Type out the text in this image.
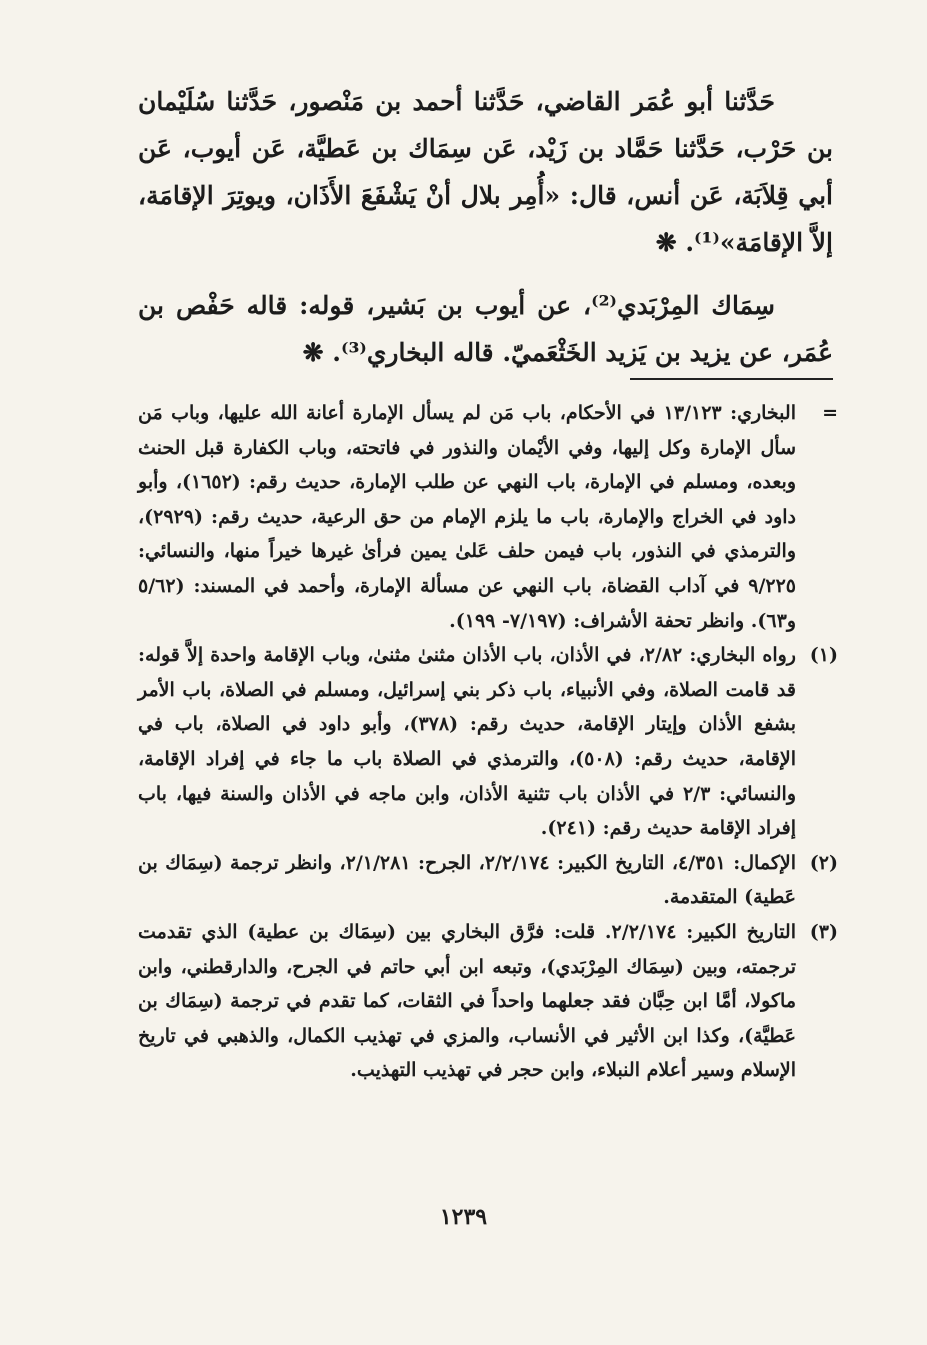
حَدَّثنا أبو عُمَر القاضي، حَدَّثنا أحمد بن مَنْصور، حَدَّثنا سُلَيْمان بن حَرْب، حَدَّثنا حَمَّاد بن زَيْد، عَن سِمَاك بن عَطيَّة، عَن أيوب، عَن أبي قِلاَبَة، عَن أنس، قال: «أُمِر بلال أنْ يَشْفَعَ الأَذَان، ويوتِرَ الإقامَة، إلاَّ الإقامَة»⁽¹⁾. ❋

سِمَاك المِرْبَدي⁽²⁾، عن أيوب بن بَشير، قوله: قاله حَفْص بن عُمَر، عن يزيد بن يَزيد الخَثْعَميّ. قاله البخاري⁽³⁾. ❋

=
البخاري: ١٣/١٢٣ في الأحكام، باب مَن لم يسأل الإمارة أعانة الله عليها، وباب مَن سأل الإمارة وكل إليها، وفي الأيْمان والنذور في فاتحته، وباب الكفارة قبل الحنث وبعده، ومسلم في الإمارة، باب النهي عن طلب الإمارة، حديث رقم: (١٦٥٢)، وأبو داود في الخراج والإمارة، باب ما يلزم الإمام من حق الرعية، حديث رقم: (٢٩٢٩)، والترمذي في النذور، باب فيمن حلف عَلىٰ يمين فرأىٰ غيرها خيراً منها، والنسائي: ٩/٢٢٥ في آداب القضاة، باب النهي عن مسألة الإمارة، وأحمد في المسند: (٥/٦٢ و٦٣). وانظر تحفة الأشراف: (٧/١٩٧- ١٩٩).
(١)
رواه البخاري: ٢/٨٢، في الأذان، باب الأذان مثنىٰ مثنىٰ، وباب الإقامة واحدة إلاَّ قوله: قد قامت الصلاة، وفي الأنبياء، باب ذكر بني إسرائيل، ومسلم في الصلاة، باب الأمر بشفع الأذان وإيتار الإقامة، حديث رقم: (٣٧٨)، وأبو داود في الصلاة، باب في الإقامة، حديث رقم: (٥٠٨)، والترمذي في الصلاة باب ما جاء في إفراد الإقامة، والنسائي: ٢/٣ في الأذان باب تثنية الأذان، وابن ماجه في الأذان والسنة فيها، باب إفراد الإقامة حديث رقم: (٢٤١).
(٢)
الإكمال: ٤/٣٥١، التاريخ الكبير: ٢/٢/١٧٤، الجرح: ٢/١/٢٨١، وانظر ترجمة (سِمَاك بن عَطية) المتقدمة.
(٣)
التاريخ الكبير: ٢/٢/١٧٤. قلت: فرَّق البخاري بين (سِمَاك بن عطية) الذي تقدمت ترجمته، وبين (سِمَاك المِرْبَدي)، وتبعه ابن أبي حاتم في الجرح، والدارقطني، وابن ماكولا، أمَّا ابن حِبَّان فقد جعلهما واحداً في الثقات، كما تقدم في ترجمة (سِمَاك بن عَطيَّة)، وكذا ابن الأثير في الأنساب، والمزي في تهذيب الكمال، والذهبي في تاريخ الإسلام وسير أعلام النبلاء، وابن حجر في تهذيب التهذيب.
١٢٣٩
